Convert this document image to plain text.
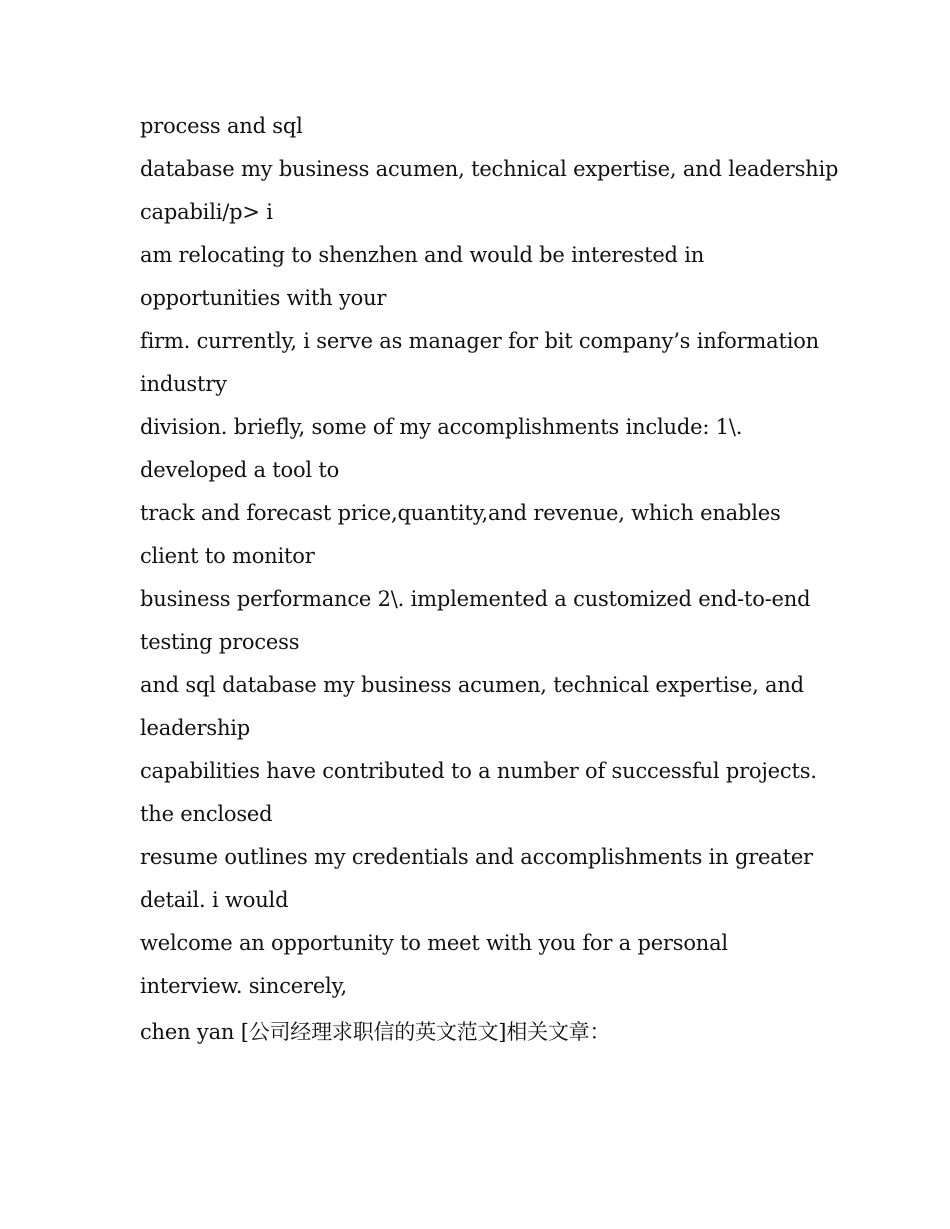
process and sql
database my business acumen, technical expertise, and leadership
capabili/p> i
am relocating to shenzhen and would be interested in
opportunities with your
firm. currently, i serve as manager for bit company’s information
industry
division. briefly, some of my accomplishments include: 1\.
developed a tool to
track and forecast price,quantity,and revenue, which enables
client to monitor
business performance 2\. implemented a customized end-to-end
testing process
and sql database my business acumen, technical expertise, and
leadership
capabilities have contributed to a number of successful projects.
the enclosed
resume outlines my credentials and accomplishments in greater
detail. i would
welcome an opportunity to meet with you for a personal
interview. sincerely,
chen yan [公司经理求职信的英文范文]相关文章：
